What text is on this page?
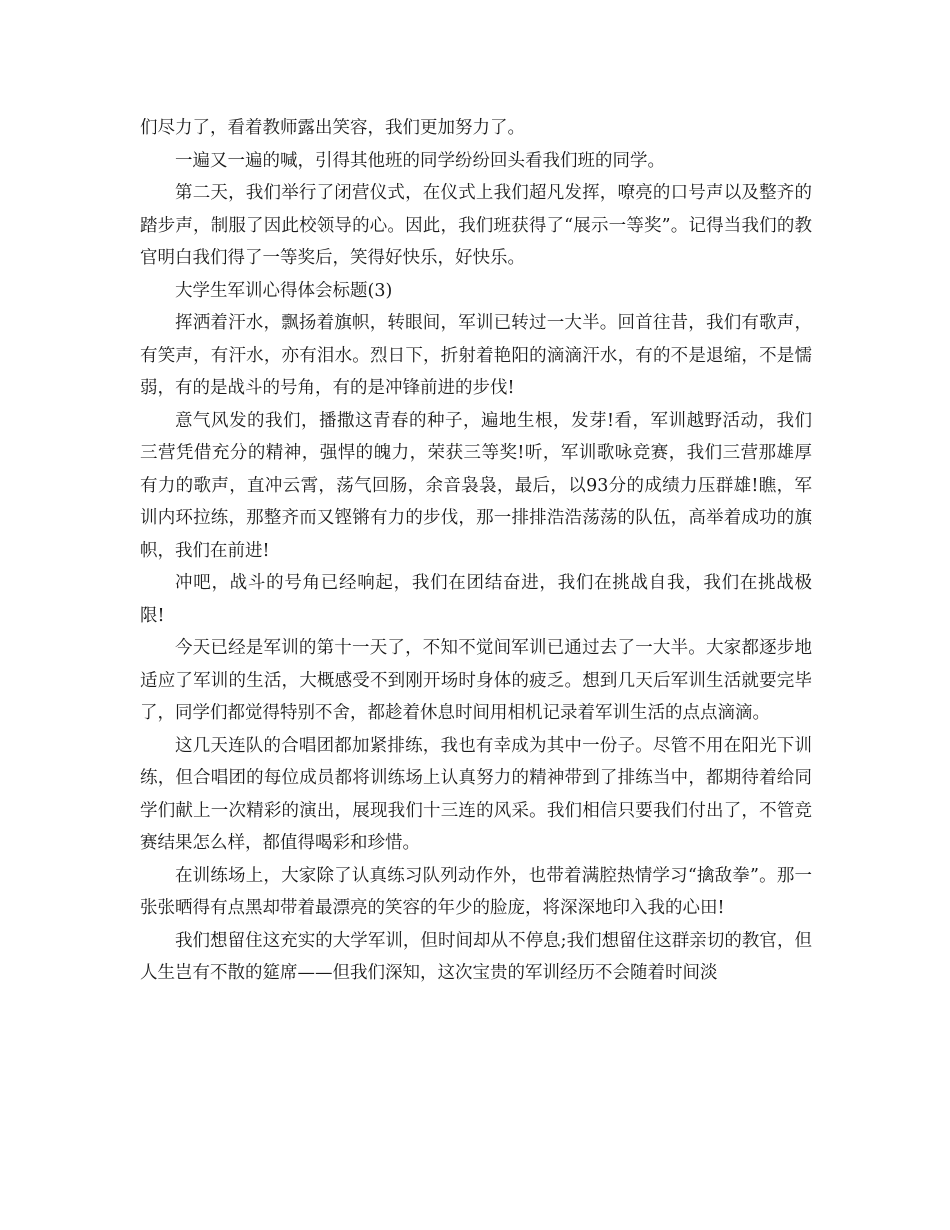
们尽力了，看着教师露出笑容，我们更加努力了。

一遍又一遍的喊，引得其他班的同学纷纷回头看我们班的同学。

第二天，我们举行了闭营仪式，在仪式上我们超凡发挥，嘹亮的口号声以及整齐的踏步声，制服了因此校领导的心。因此，我们班获得了“展示一等奖”。记得当我们的教官明白我们得了一等奖后，笑得好快乐，好快乐。

大学生军训心得体会标题(3)

挥洒着汗水，飘扬着旗帜，转眼间，军训已转过一大半。回首往昔，我们有歌声，有笑声，有汗水，亦有泪水。烈日下，折射着艳阳的滴滴汗水，有的不是退缩，不是懦弱，有的是战斗的号角，有的是冲锋前进的步伐!

意气风发的我们，播撒这青春的种子，遍地生根，发芽!看，军训越野活动，我们三营凭借充分的精神，强悍的魄力，荣获三等奖!听，军训歌咏竞赛，我们三营那雄厚有力的歌声，直冲云霄，荡气回肠，余音袅袅，最后，以93分的成绩力压群雄!瞧，军训内环拉练，那整齐而又铿锵有力的步伐，那一排排浩浩荡荡的队伍，高举着成功的旗帜，我们在前进!

冲吧，战斗的号角已经响起，我们在团结奋进，我们在挑战自我，我们在挑战极限!

今天已经是军训的第十一天了，不知不觉间军训已通过去了一大半。大家都逐步地适应了军训的生活，大概感受不到刚开场时身体的疲乏。想到几天后军训生活就要完毕了，同学们都觉得特别不舍，都趁着休息时间用相机记录着军训生活的点点滴滴。

这几天连队的合唱团都加紧排练，我也有幸成为其中一份子。尽管不用在阳光下训练，但合唱团的每位成员都将训练场上认真努力的精神带到了排练当中，都期待着给同学们献上一次精彩的演出，展现我们十三连的风采。我们相信只要我们付出了，不管竞赛结果怎么样，都值得喝彩和珍惜。

在训练场上，大家除了认真练习队列动作外，也带着满腔热情学习“擒敌拳”。那一张张晒得有点黑却带着最漂亮的笑容的年少的脸庞，将深深地印入我的心田!

我们想留住这充实的大学军训，但时间却从不停息;我们想留住这群亲切的教官，但人生岂有不散的筵席——但我们深知，这次宝贵的军训经历不会随着时间淡
